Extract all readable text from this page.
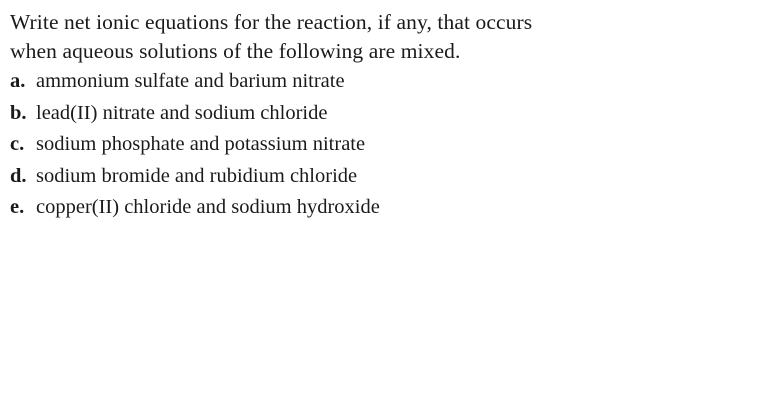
Write net ionic equations for the reaction, if any, that occurs
when aqueous solutions of the following are mixed.

a. ammonium sulfate and barium nitrate
b. lead(II) nitrate and sodium chloride
c. sodium phosphate and potassium nitrate
d. sodium bromide and rubidium chloride
e. copper(II) chloride and sodium hydroxide
